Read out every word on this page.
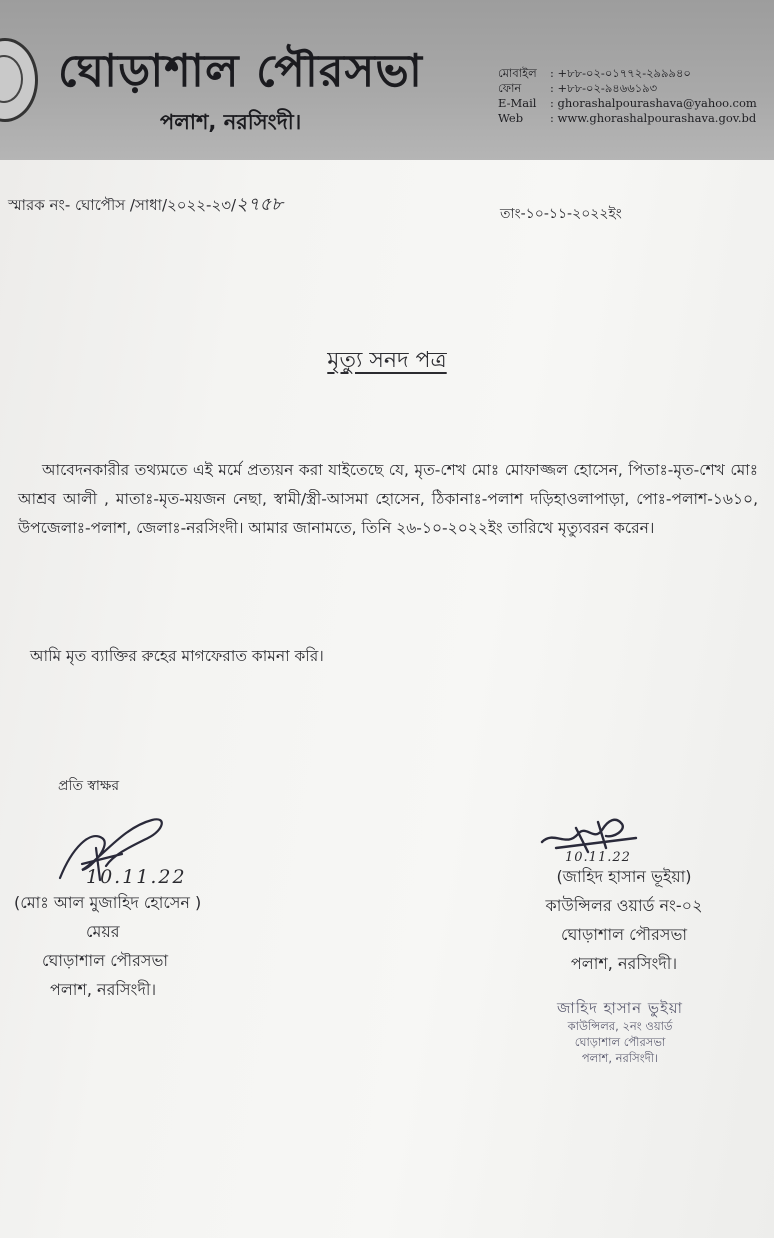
ঘোড়াশাল পৌরসভা
পলাশ, নরসিংদী।
মোবাইল	: +৮৮-০২-০১৭৭২-২৯৯৯৪০
ফোন	: +৮৮-০২-৯৪৬৬১৯৩
E-Mail	: ghorashalpourashava@yahoo.com
Web	: www.ghorashalpourashava.gov.bd
স্মারক নং- ঘোপৌস /সাধা/২০২২-২৩/২৭৫৮	তাং-১০-১১-২০২২ইং
মৃত্যু সনদ পত্র
আবেদনকারীর তথ্যমতে এই মর্মে প্রত্যয়ন করা যাইতেছে যে, মৃত-শেখ মোঃ মোফাজ্জল হোসেন, পিতাঃ-মৃত-শেখ মোঃ আশ্রব আলী , মাতাঃ-মৃত-ময়জন নেছা, স্বামী/স্ত্রী-আসমা হোসেন, ঠিকানাঃ-পলাশ দড়িহাওলাপাড়া, পোঃ-পলাশ-১৬১০, উপজেলাঃ-পলাশ, জেলাঃ-নরসিংদী। আমার জানামতে, তিনি ২৬-১০-২০২২ইং তারিখে মৃত্যুবরন করেন।
আমি মৃত ব্যাক্তির রুহের মাগফেরাত কামনা করি।
প্রতি স্বাক্ষর
10.11.22
(মোঃ আল মুজাহিদ হোসেন )
মেয়র
ঘোড়াশাল পৌরসভা
পলাশ, নরসিংদী।
10.11.22
(জাহিদ হাসান ভূইয়া)
কাউন্সিলর ওয়ার্ড নং-০২
ঘোড়াশাল পৌরসভা
পলাশ, নরসিংদী।
জাহিদ হাসান ভুইয়া
কাউন্সিলর, ২নং ওয়ার্ড
ঘোড়াশাল পৌরসভা
পলাশ, নরসিংদী।
